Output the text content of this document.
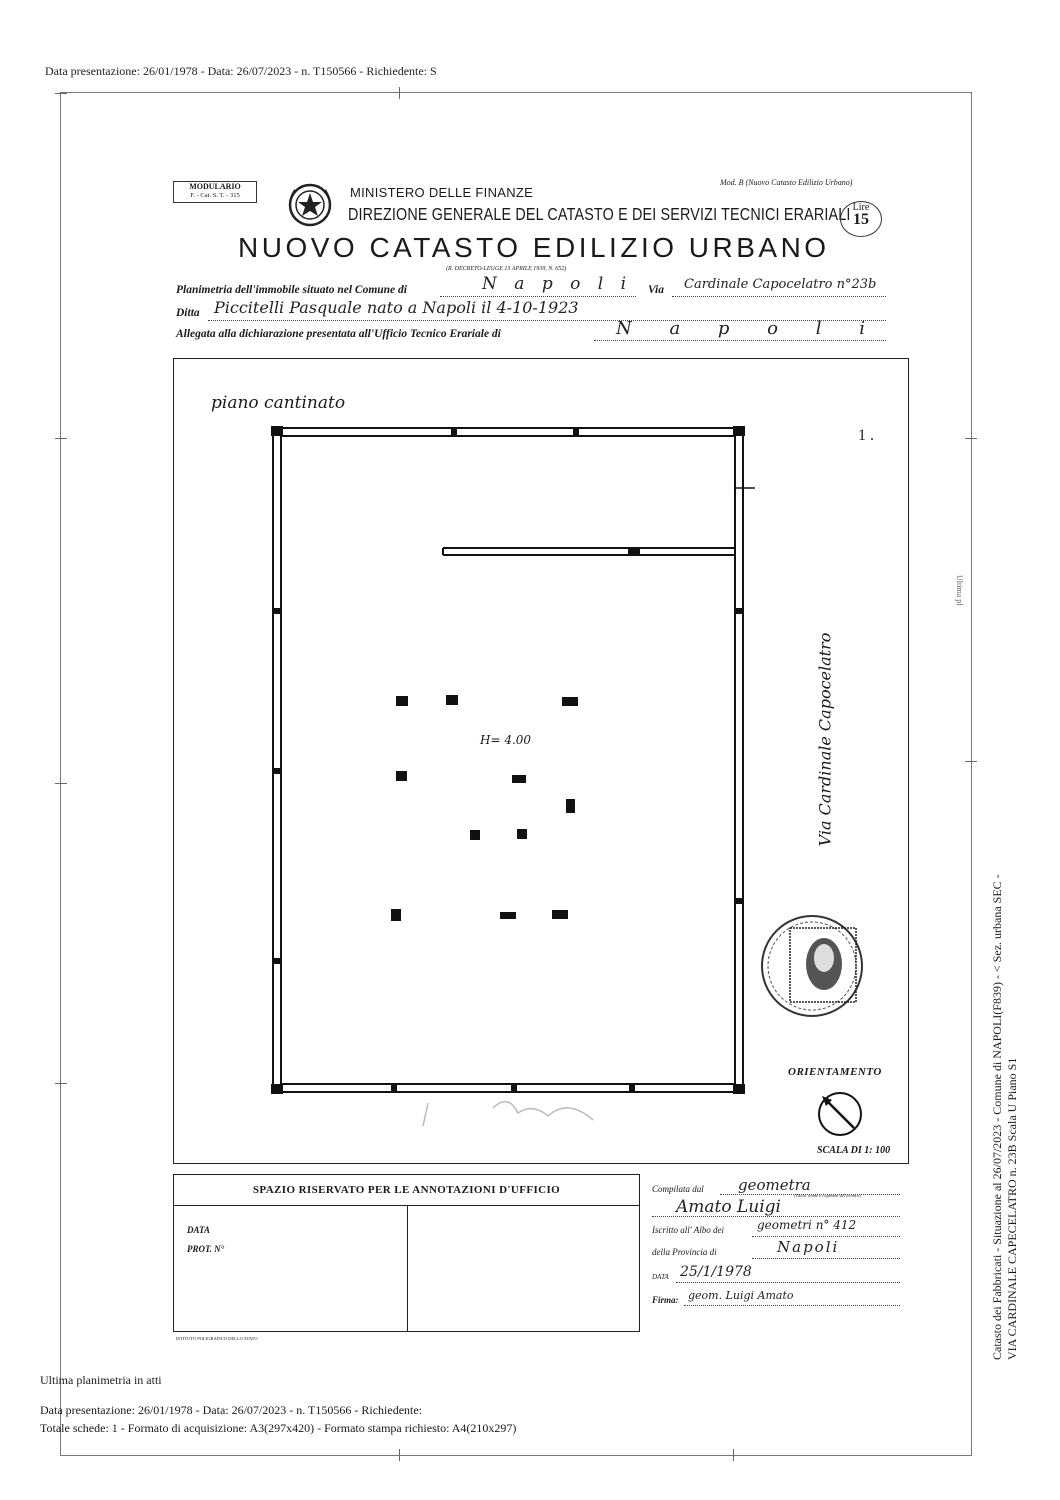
Data presentazione: 26/01/1978 - Data: 26/07/2023 - n. T150566 - Richiedente: S
MODULARIO
F. - Cat. S. T. - 315	MINISTERO DELLE FINANZE
DIREZIONE GENERALE DEL CATASTO E DEI SERVIZI TECNICI ERARIALI
Mod. B (Nuovo Catasto Edilizio Urbano)
Lire
15
NUOVO CATASTO EDILIZIO URBANO
(R. DECRETO-LEGGE 13 APRILE 1939, N. 652)
Planimetria dell'immobile situato nel Comune di	N a p o l i Via Cardinale Capocelatro n°23b
Ditta Piccitelli Pasquale nato a Napoli il 4-10-1923
Allegata alla dichiarazione presentata all'Ufficio Tecnico Erariale di	N a p o l i
piano cantinato
1 .
H= 4.00	Via Cardinale Capocelatro
ORIENTAMENTO
SCALA DI 1: 100
SPAZIO RISERVATO PER LE ANNOTAZIONI D'UFFICIO
DATA
PROT. N°
Compilata dal geometra
(Titolo, nome e cognome del tecnico)
Amato Luigi
Iscritto all' Albo dei	geometri n° 412
della Provincia di	Napoli
DATA 25/1/1978
Firma: geom. Luigi Amato
ISTITUTO POLIGRAFICO DELLO STATO
Ultima pl
Ultima planimetria in atti
Data presentazione: 26/01/1978 - Data: 26/07/2023 - n. T150566 - Richiedente:
Totale schede: 1 - Formato di acquisizione: A3(297x420) - Formato stampa richiesto: A4(210x297)
Catasto dei Fabbricati - Situazione al 26/07/2023 - Comune di NAPOLI(F839) - < Sez. urbana SEC - VIA CARDINALE CAPECELATRO n. 23B Scala U Piano S1
